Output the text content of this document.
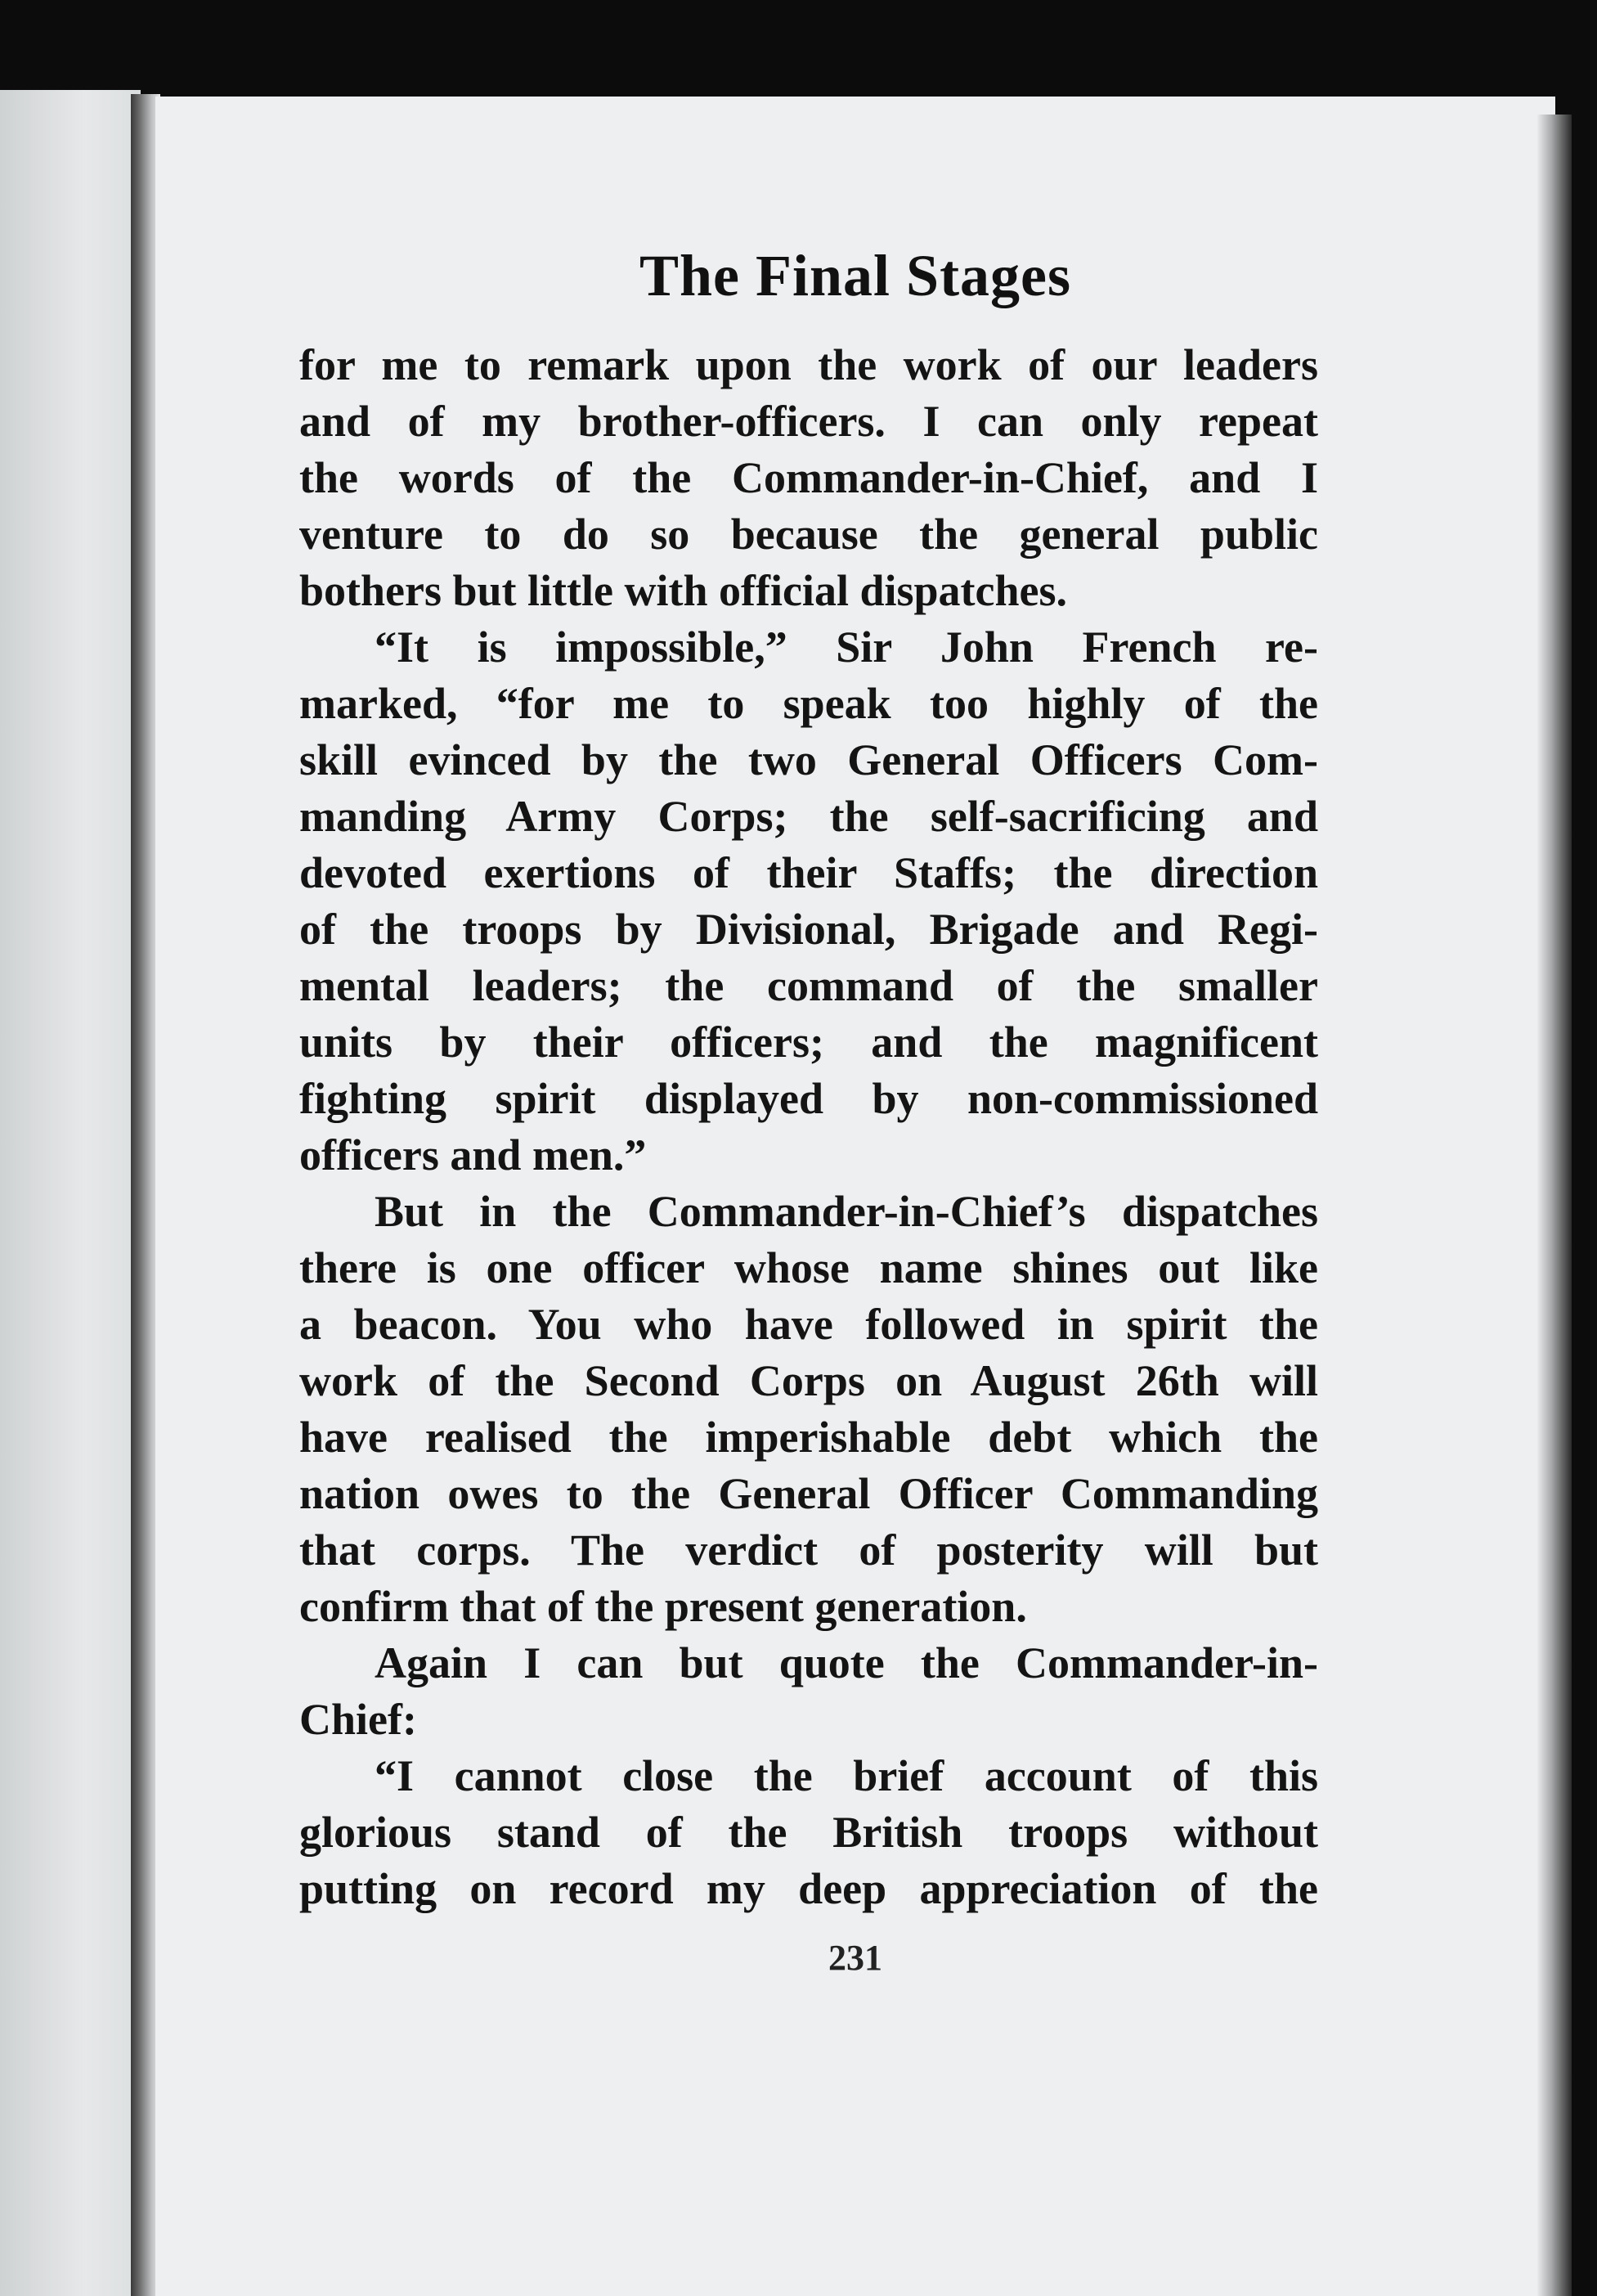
The Final Stages
for me to remark upon the work of our leaders
and of my brother-officers. I can only repeat
the words of the Commander-in-Chief, and I
venture to do so because the general public
bothers but little with official dispatches.
“It is impossible,” Sir John French re-
marked, “for me to speak too highly of the
skill evinced by the two General Officers Com-
manding Army Corps; the self-sacrificing and
devoted exertions of their Staffs; the direction
of the troops by Divisional, Brigade and Regi-
mental leaders; the command of the smaller
units by their officers; and the magnificent
fighting spirit displayed by non-commissioned
officers and men.”
But in the Commander-in-Chief’s dispatches
there is one officer whose name shines out like
a beacon. You who have followed in spirit the
work of the Second Corps on August 26th will
have realised the imperishable debt which the
nation owes to the General Officer Commanding
that corps. The verdict of posterity will but
confirm that of the present generation.
Again I can but quote the Commander-in-
Chief:
“I cannot close the brief account of this
glorious stand of the British troops without
putting on record my deep appreciation of the

231
